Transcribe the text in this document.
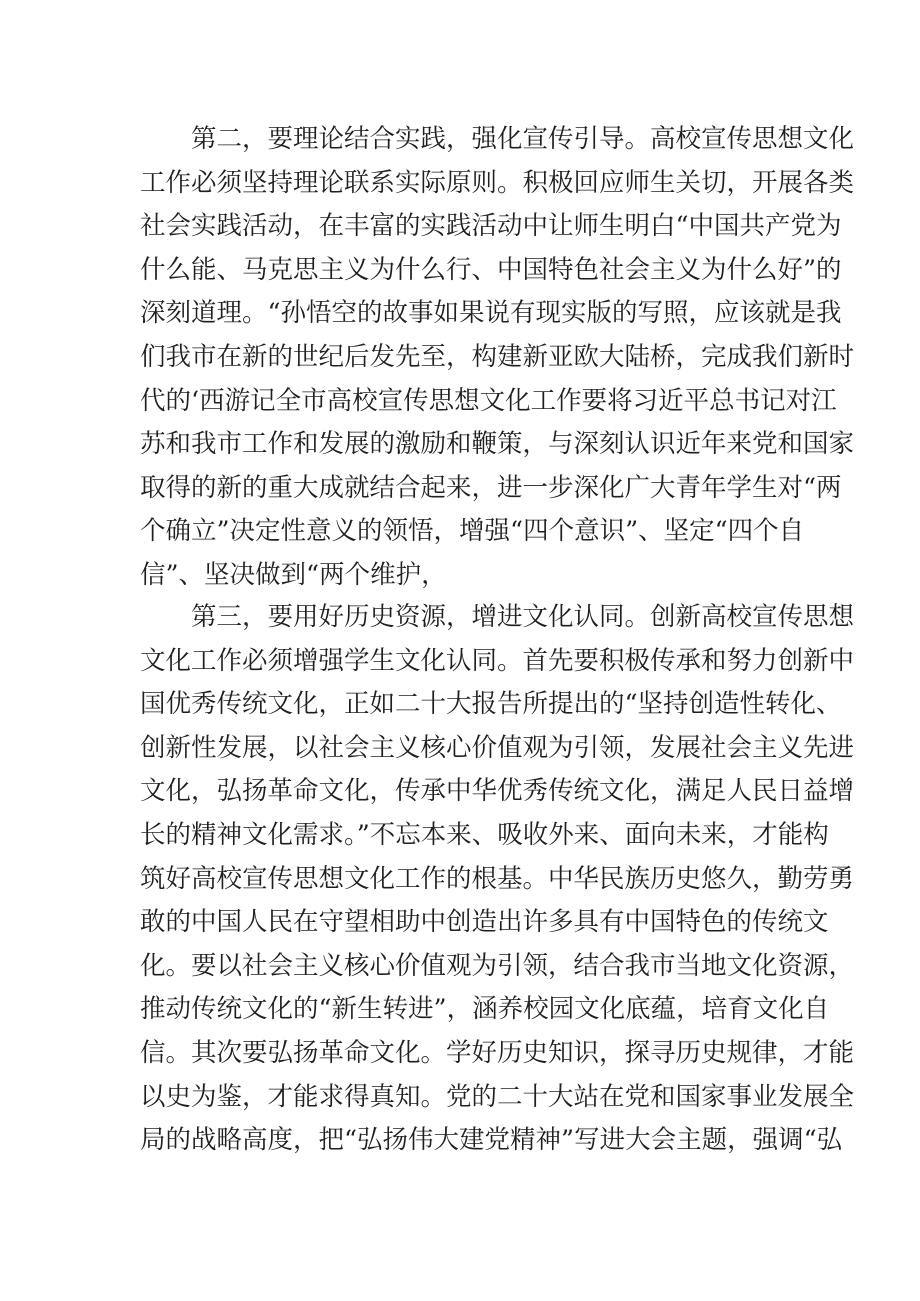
第二，要理论结合实践，强化宣传引导。高校宣传思想文化
工作必须坚持理论联系实际原则。积极回应师生关切，开展各类
社会实践活动，在丰富的实践活动中让师生明白“中国共产党为
什么能、马克思主义为什么行、中国特色社会主义为什么好”的
深刻道理。“孙悟空的故事如果说有现实版的写照，应该就是我
们我市在新的世纪后发先至，构建新亚欧大陆桥，完成我们新时
代的‘西游记全市高校宣传思想文化工作要将习近平总书记对江
苏和我市工作和发展的激励和鞭策，与深刻认识近年来党和国家
取得的新的重大成就结合起来，进一步深化广大青年学生对“两
个确立”决定性意义的领悟，增强“四个意识”、坚定“四个自
信”、坚决做到“两个维护，
第三，要用好历史资源，增进文化认同。创新高校宣传思想
文化工作必须增强学生文化认同。首先要积极传承和努力创新中
国优秀传统文化，正如二十大报告所提出的“坚持创造性转化、
创新性发展，以社会主义核心价值观为引领，发展社会主义先进
文化，弘扬革命文化，传承中华优秀传统文化，满足人民日益增
长的精神文化需求。”不忘本来、吸收外来、面向未来，才能构
筑好高校宣传思想文化工作的根基。中华民族历史悠久，勤劳勇
敢的中国人民在守望相助中创造出许多具有中国特色的传统文
化。要以社会主义核心价值观为引领，结合我市当地文化资源，
推动传统文化的“新生转进”，涵养校园文化底蕴，培育文化自
信。其次要弘扬革命文化。学好历史知识，探寻历史规律，才能
以史为鉴，才能求得真知。党的二十大站在党和国家事业发展全
局的战略高度，把“弘扬伟大建党精神”写进大会主题，强调“弘
